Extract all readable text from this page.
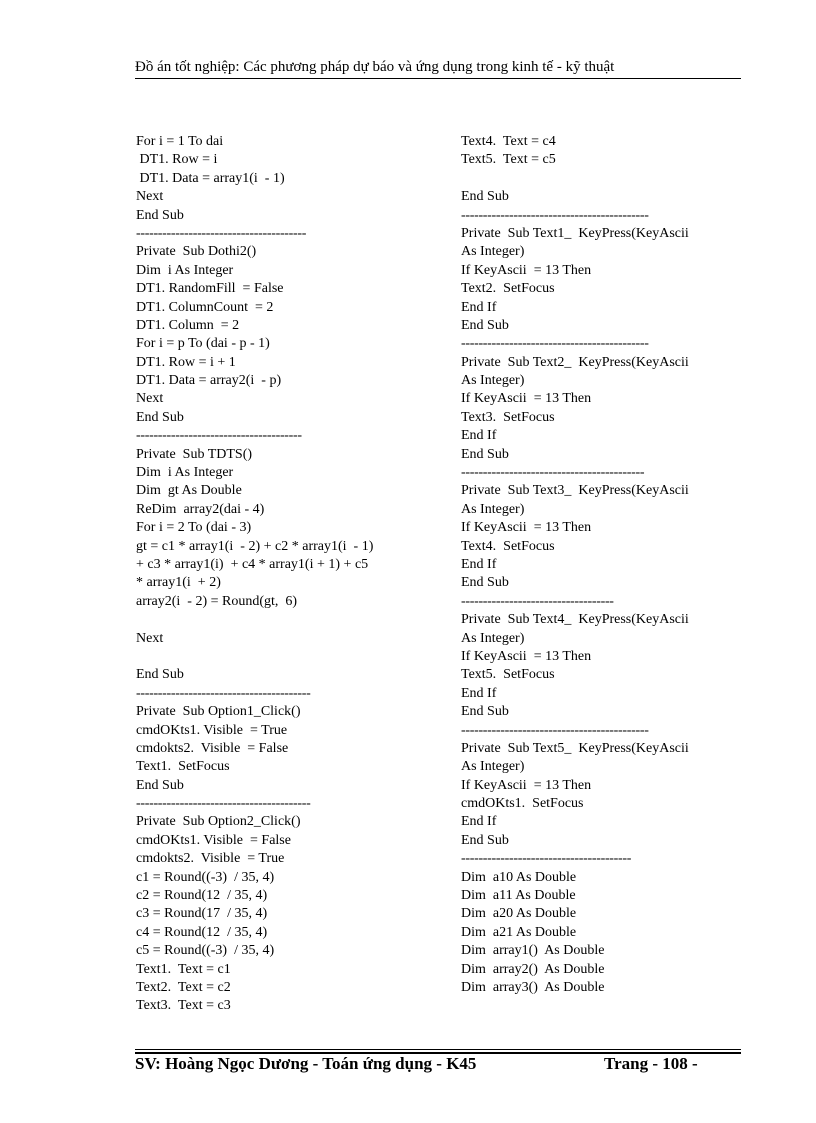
Đồ án tốt nghiệp: Các phương pháp dự báo và ứng dụng trong kinh tế - kỹ thuật
For i = 1 To dai
DT1. Row = i
DT1. Data = array1(i  - 1)
Next
End Sub
---------------------------------------
Private  Sub Dothi2()
Dim  i As Integer
DT1. RandomFill  = False
DT1. ColumnCount  = 2
DT1. Column  = 2
For i = p To (dai - p - 1)
DT1. Row = i + 1
DT1. Data = array2(i  - p)
Next
End Sub
--------------------------------------
Private  Sub TDTS()
Dim  i As Integer
Dim  gt As Double
ReDim  array2(dai - 4)
For i = 2 To (dai - 3)
gt = c1 * array1(i  - 2) + c2 * array1(i  - 1)
+ c3 * array1(i)  + c4 * array1(i + 1) + c5
* array1(i  + 2)
array2(i  - 2) = Round(gt,  6)
Next
End Sub
----------------------------------------
Private  Sub Option1_Click()
cmdOKts1. Visible  = True
cmdokts2.  Visible  = False
Text1.  SetFocus
End Sub
----------------------------------------
Private  Sub Option2_Click()
cmdOKts1. Visible  = False
cmdokts2.  Visible  = True
c1 = Round((-3)  / 35, 4)
c2 = Round(12  / 35, 4)
c3 = Round(17  / 35, 4)
c4 = Round(12  / 35, 4)
c5 = Round((-3)  / 35, 4)
Text1.  Text = c1
Text2.  Text = c2
Text3.  Text = c3
Text4.  Text = c4
Text5.  Text = c5
End Sub
-------------------------------------------
Private  Sub Text1_  KeyPress(KeyAscii
As Integer)
If KeyAscii  = 13 Then
Text2.  SetFocus
End If
End Sub
-------------------------------------------
Private  Sub Text2_  KeyPress(KeyAscii
As Integer)
If KeyAscii  = 13 Then
Text3.  SetFocus
End If
End Sub
------------------------------------------
Private  Sub Text3_  KeyPress(KeyAscii
As Integer)
If KeyAscii  = 13 Then
Text4.  SetFocus
End If
End Sub
-----------------------------------
Private  Sub Text4_  KeyPress(KeyAscii
As Integer)
If KeyAscii  = 13 Then
Text5.  SetFocus
End If
End Sub
-------------------------------------------
Private  Sub Text5_  KeyPress(KeyAscii
As Integer)
If KeyAscii  = 13 Then
cmdOKts1.  SetFocus
End If
End Sub
---------------------------------------
Dim  a10 As Double
Dim  a11 As Double
Dim  a20 As Double
Dim  a21 As Double
Dim  array1()  As Double
Dim  array2()  As Double
Dim  array3()  As Double
SV: Hoàng Ngọc Dương - Toán ứng dụng - K45	Trang - 108 -
